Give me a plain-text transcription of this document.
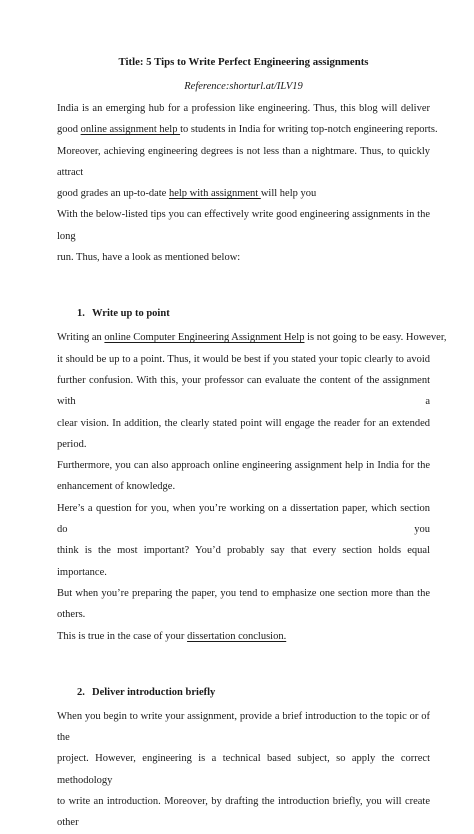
Title: 5 Tips to Write Perfect Engineering assignments

Reference:shorturl.at/ILV19

India is an emerging hub for a profession like engineering. Thus, this blog will deliver
good online assignment help to students in India for writing top-notch engineering reports.
Moreover, achieving engineering degrees is not less than a nightmare. Thus, to quickly attract
good grades an up-to-date help with assignment will help you
With the below-listed tips you can effectively write good engineering assignments in the long
run. Thus, have a look as mentioned below:

1. Write up to point

Writing an online Computer Engineering Assignment Help is not going to be easy. However,
it should be up to a point. Thus, it would be best if you stated your topic clearly to avoid
further confusion. With this, your professor can evaluate the content of the assignment with a
clear vision. In addition, the clearly stated point will engage the reader for an extended period.
Furthermore, you can also approach online engineering assignment help in India for the
enhancement of knowledge.
Here’s a question for you, when you’re working on a dissertation paper, which section do you
think is the most important? You’d probably say that every section holds equal importance.
But when you’re preparing the paper, you tend to emphasize one section more than the others.
This is true in the case of your dissertation conclusion.

2. Deliver introduction briefly

When you begin to write your assignment, provide a brief introduction to the topic or of the
project. However, engineering is a technical based subject, so apply the correct methodology
to write an introduction. Moreover, by drafting the introduction briefly, you will create other
